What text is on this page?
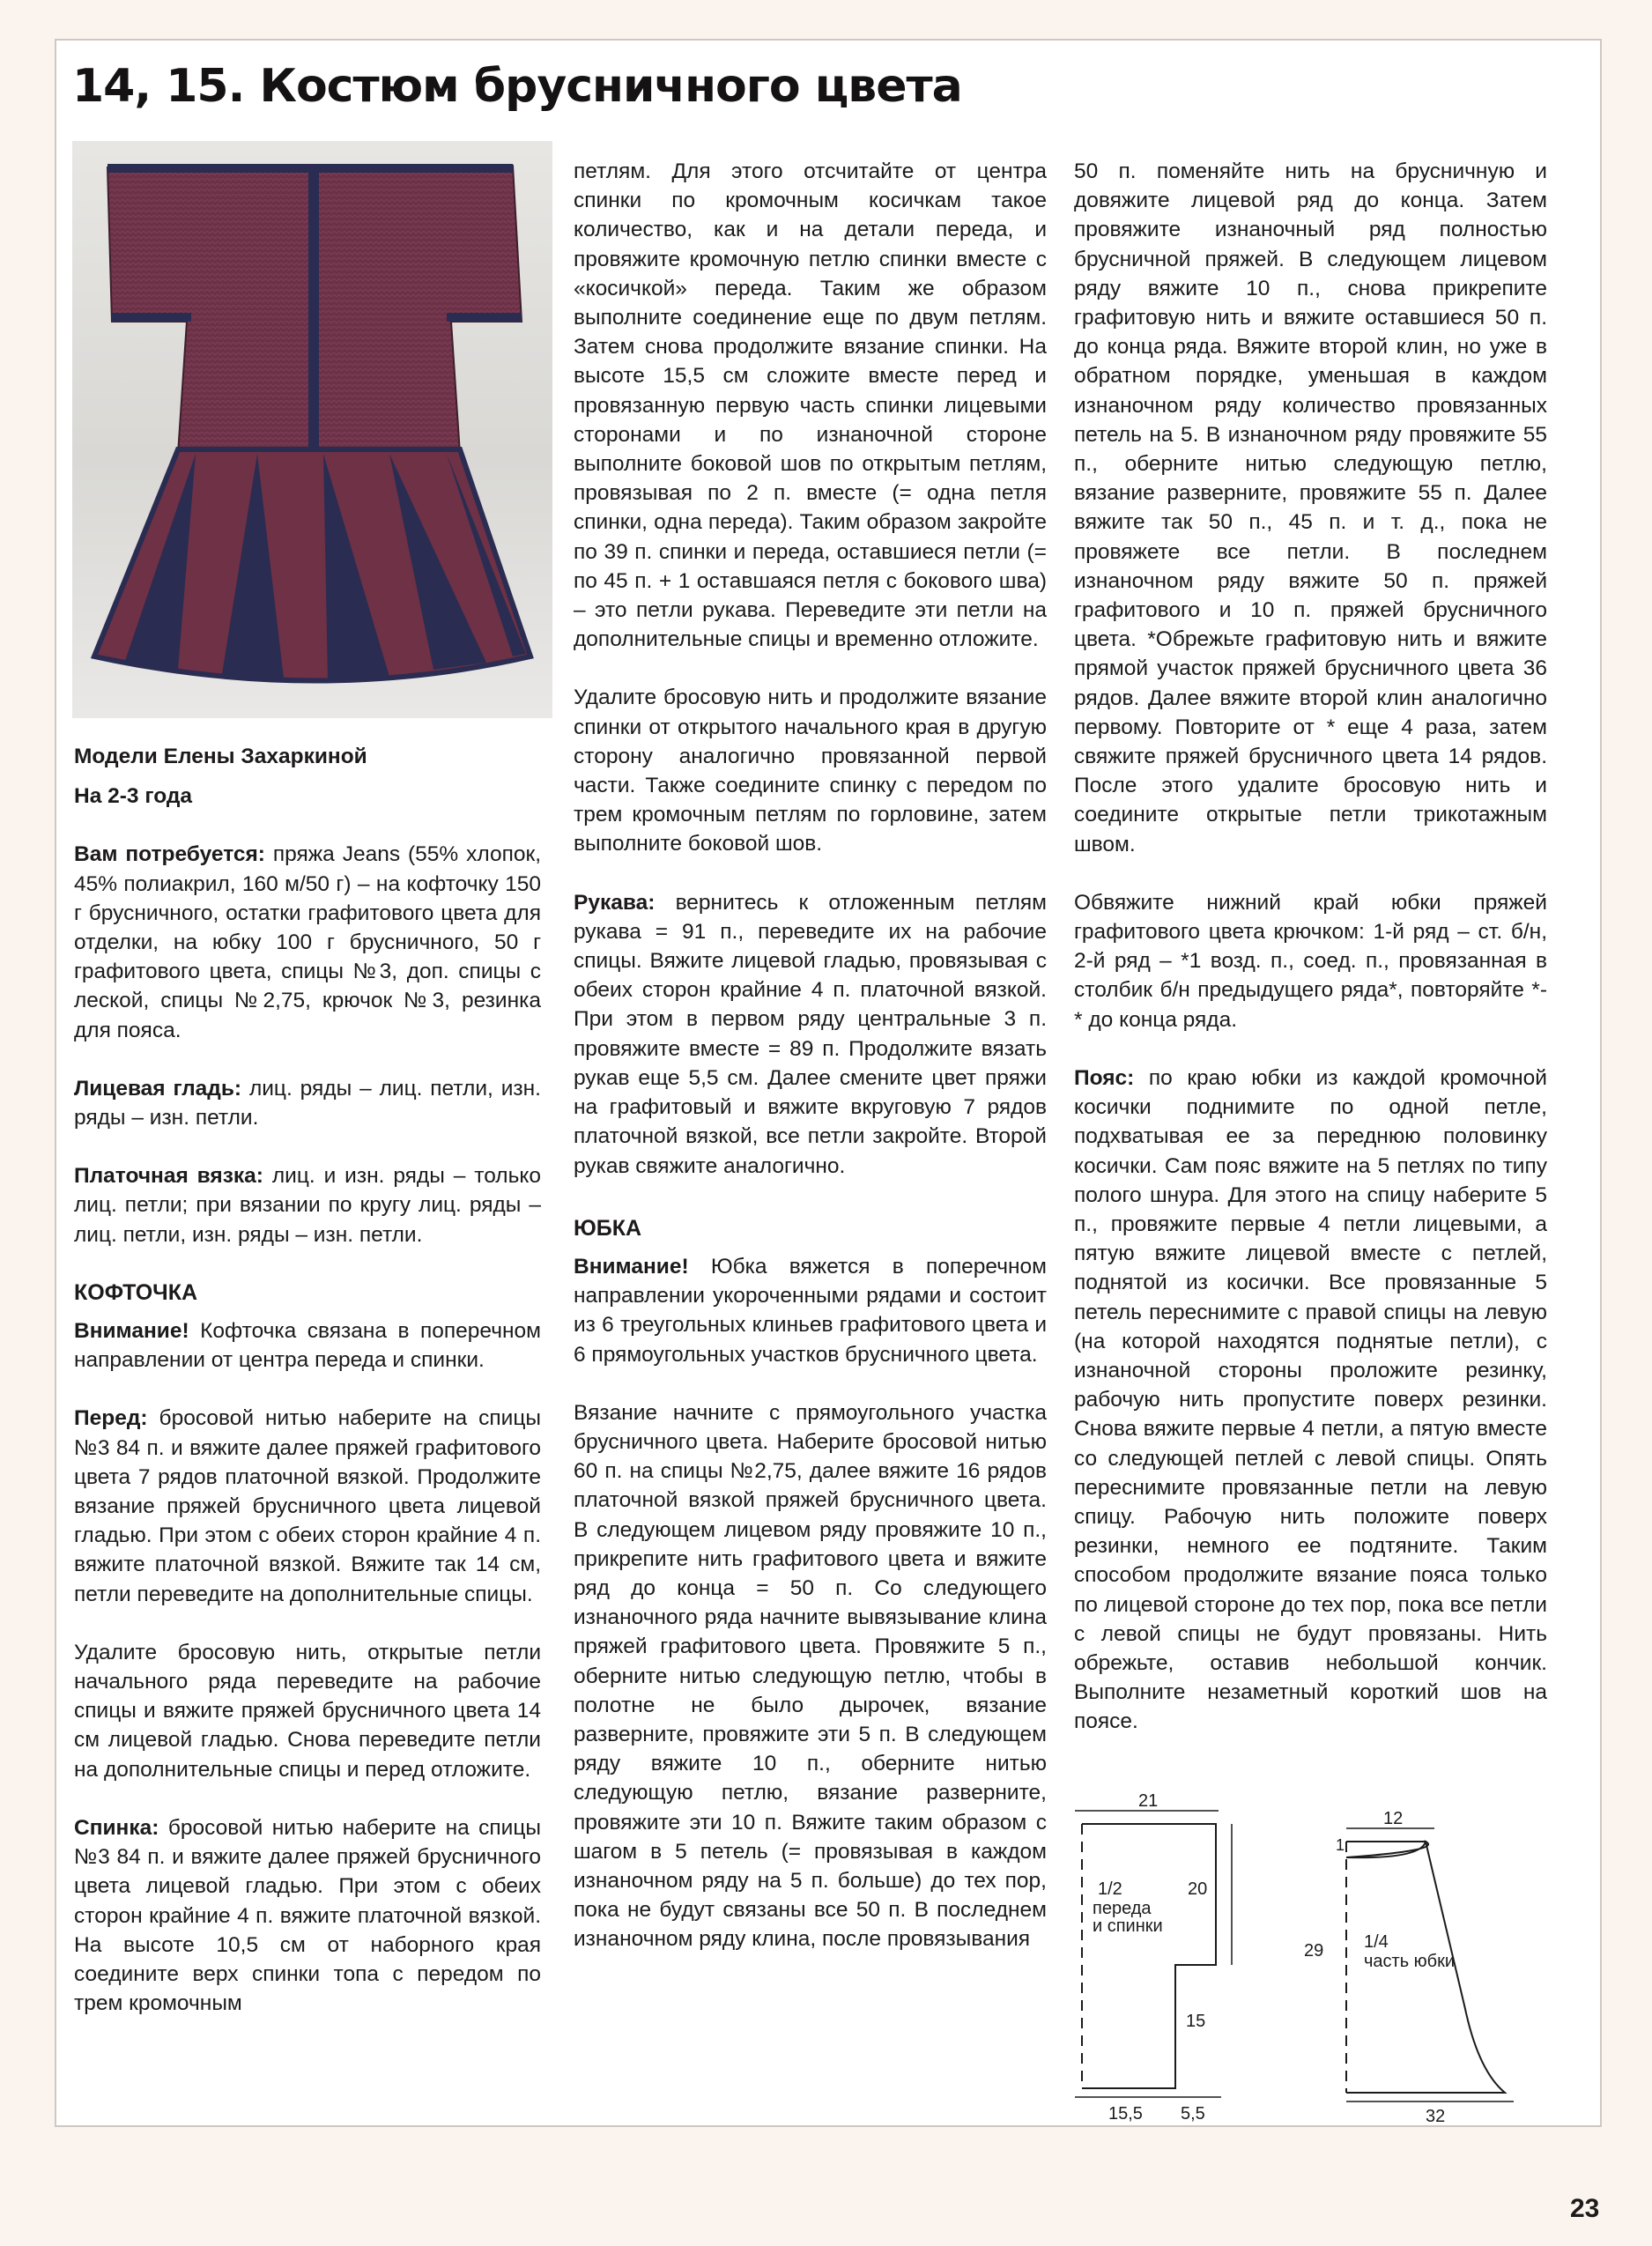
14, 15. Костюм брусничного цвета

Модели Елены Захаркиной

На 2-3 года

Вам потребуется: пряжа Jeans (55% хлопок, 45% полиакрил, 160 м/50 г) – на кофточку 150 г брусничного, остатки графитового цвета для отделки, на юбку 100 г брусничного, 50 г графитового цвета, спицы №3, доп. спицы с леской, спицы №2,75, крючок №3, резинка для пояса.

Лицевая гладь: лиц. ряды – лиц. петли, изн. ряды – изн. петли.

Платочная вязка: лиц. и изн. ряды – только лиц. петли; при вязании по кругу лиц. ряды – лиц. петли, изн. ряды – изн. петли.

КОФТОЧКА

Внимание! Кофточка связана в поперечном направлении от центра переда и спинки.

Перед: бросовой нитью наберите на спицы №3 84 п. и вяжите далее пряжей графитового цвета 7 рядов платочной вязкой. Продолжите вязание пряжей брусничного цвета лицевой гладью. При этом с обеих сторон крайние 4 п. вяжите платочной вязкой. Вяжите так 14 см, петли переведите на дополнительные спицы.

Удалите бросовую нить, открытые петли начального ряда переведите на рабочие спицы и вяжите пряжей брусничного цвета 14 см лицевой гладью. Снова переведите петли на дополнительные спицы и перед отложите.

Спинка: бросовой нитью наберите на спицы №3 84 п. и вяжите далее пряжей брусничного цвета лицевой гладью. При этом с обеих сторон крайние 4 п. вяжите платочной вязкой. На высоте 10,5 см от наборного края соедините верх спинки топа с передом по трем кромочным

петлям. Для этого отсчитайте от центра спинки по кромочным косичкам такое количество, как и на детали переда, и провяжите кромочную петлю спинки вместе с «косичкой» переда. Таким же образом выполните соединение еще по двум петлям. Затем снова продолжите вязание спинки. На высоте 15,5 см сложите вместе перед и провязанную первую часть спинки лицевыми сторонами и по изнаночной стороне выполните боковой шов по открытым петлям, провязывая по 2 п. вместе (= одна петля спинки, одна переда). Таким образом закройте по 39 п. спинки и переда, оставшиеся петли (= по 45 п. + 1 оставшаяся петля с бокового шва) – это петли рукава. Переведите эти петли на дополнительные спицы и временно отложите.

Удалите бросовую нить и продолжите вязание спинки от открытого начального края в другую сторону аналогично провязанной первой части. Также соедините спинку с передом по трем кромочным петлям по горловине, затем выполните боковой шов.

Рукава: вернитесь к отложенным петлям рукава = 91 п., переведите их на рабочие спицы. Вяжите лицевой гладью, провязывая с обеих сторон крайние 4 п. платочной вязкой. При этом в первом ряду центральные 3 п. провяжите вместе = 89 п. Продолжите вязать рукав еще 5,5 см. Далее смените цвет пряжи на графитовый и вяжите вкруговую 7 рядов платочной вязкой, все петли закройте. Второй рукав свяжите аналогично.

ЮБКА

Внимание! Юбка вяжется в поперечном направлении укороченными рядами и состоит из 6 треугольных клиньев графитового цвета и 6 прямоугольных участков брусничного цвета.

Вязание начните с прямоугольного участка брусничного цвета. Наберите бросовой нитью 60 п. на спицы №2,75, далее вяжите 16 рядов платочной вязкой пряжей брусничного цвета. В следующем лицевом ряду провяжите 10 п., прикрепите нить графитового цвета и вяжите ряд до конца = 50 п. Со следующего изнаночного ряда начните вывязывание клина пряжей графитового цвета. Провяжите 5 п., оберните нитью следующую петлю, чтобы в полотне не было дырочек, вязание разверните, провяжите эти 5 п. В следующем ряду вяжите 10 п., оберните нитью следующую петлю, вязание разверните, провяжите эти 10 п. Вяжите таким образом с шагом в 5 петель (= провязывая в каждом изнаночном ряду на 5 п. больше) до тех пор, пока не будут связаны все 50 п. В последнем изнаночном ряду клина, после провязывания

50 п. поменяйте нить на брусничную и довяжите лицевой ряд до конца. Затем провяжите изнаночный ряд полностью брусничной пряжей. В следующем лицевом ряду вяжите 10 п., снова прикрепите графитовую нить и вяжите оставшиеся 50 п. до конца ряда. Вяжите второй клин, но уже в обратном порядке, уменьшая в каждом изнаночном ряду количество провязанных петель на 5. В изнаночном ряду провяжите 55 п., оберните нитью следующую петлю, вязание разверните, провяжите 55 п. Далее вяжите так 50 п., 45 п. и т. д., пока не провяжете все петли. В последнем изнаночном ряду вяжите 50 п. пряжей графитового и 10 п. пряжей брусничного цвета. *Обрежьте графитовую нить и вяжите прямой участок пряжей брусничного цвета 36 рядов. Далее вяжите второй клин аналогично первому. Повторите от * еще 4 раза, затем свяжите пряжей брусничного цвета 14 рядов. После этого удалите бросовую нить и соедините открытые петли трикотажным швом.

Обвяжите нижний край юбки пряжей графитового цвета крючком: 1-й ряд – ст. б/н, 2-й ряд – *1 возд. п., соед. п., провязанная в столбик б/н предыдущего ряда*, повторяйте *-* до конца ряда.

Пояс: по краю юбки из каждой кромочной косички поднимите по одной петле, подхватывая ее за переднюю половинку косички. Сам пояс вяжите на 5 петлях по типу полого шнура. Для этого на спицу наберите 5 п., провяжите первые 4 петли лицевыми, а пятую вяжите лицевой вместе с петлей, поднятой из косички. Все провязанные 5 петель переснимите с правой спицы на левую (на которой находятся поднятые петли), с изнаночной стороны проложите резинку, рабочую нить пропустите поверх резинки. Снова вяжите первые 4 петли, а пятую вместе со следующей петлей с левой спицы. Опять переснимите провязанные петли на левую спицу. Рабочую нить положите поверх резинки, немного ее подтяните. Таким способом продолжите вязание пояса только по лицевой стороне до тех пор, пока все петли с левой спицы не будут провязаны. Нить обрежьте, оставив небольшой кончик. Выполните незаметный короткий шов на поясе.

21
1/2
переда
и спинки
20
15
15,5 5,5
12
1
29 1/4
часть юбки
32
23
